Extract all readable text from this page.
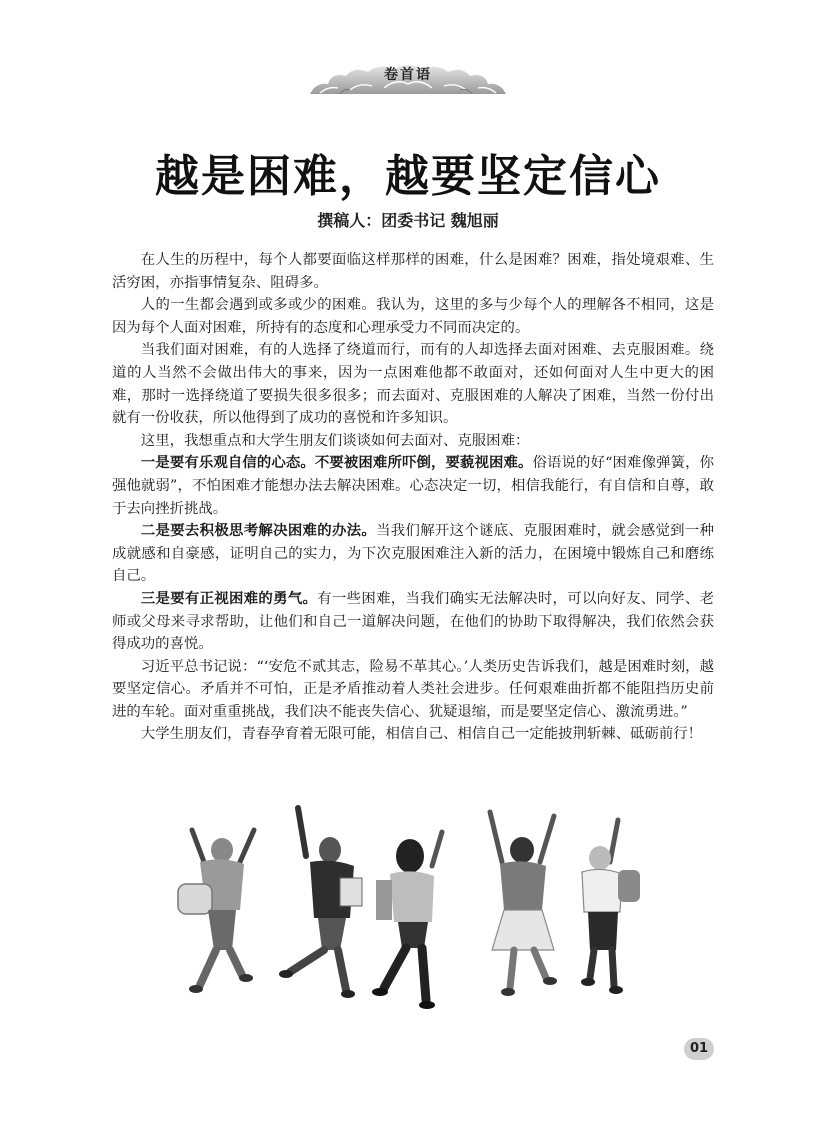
卷首语
越是困难，越要坚定信心
撰稿人：团委书记 魏旭丽

在人生的历程中，每个人都要面临这样那样的困难，什么是困难？困难，指处境艰难、生活穷困，亦指事情复杂、阻碍多。

人的一生都会遇到或多或少的困难。我认为，这里的多与少每个人的理解各不相同，这是因为每个人面对困难，所持有的态度和心理承受力不同而决定的。

当我们面对困难，有的人选择了绕道而行，而有的人却选择去面对困难、去克服困难。绕道的人当然不会做出伟大的事来，因为一点困难他都不敢面对，还如何面对人生中更大的困难，那时一选择绕道了要损失很多很多；而去面对、克服困难的人解决了困难，当然一份付出就有一份收获，所以他得到了成功的喜悦和许多知识。

这里，我想重点和大学生朋友们谈谈如何去面对、克服困难：

一是要有乐观自信的心态。不要被困难所吓倒，要藐视困难。俗语说的好“困难像弹簧，你强他就弱”，不怕困难才能想办法去解决困难。心态决定一切，相信我能行，有自信和自尊，敢于去向挫折挑战。

二是要去积极思考解决困难的办法。当我们解开这个谜底、克服困难时，就会感觉到一种成就感和自豪感，证明自己的实力，为下次克服困难注入新的活力，在困境中锻炼自己和磨练自己。

三是要有正视困难的勇气。有一些困难，当我们确实无法解决时，可以向好友、同学、老师或父母来寻求帮助，让他们和自己一道解决问题，在他们的协助下取得解决，我们依然会获得成功的喜悦。

习近平总书记说：“‘安危不贰其志，险易不革其心。’人类历史告诉我们，越是困难时刻，越要坚定信心。矛盾并不可怕，正是矛盾推动着人类社会进步。任何艰难曲折都不能阻挡历史前进的车轮。面对重重挑战，我们决不能丧失信心、犹疑退缩，而是要坚定信心、激流勇进。”

大学生朋友们，青春孕育着无限可能，相信自己、相信自己一定能披荆斩棘、砥砺前行！

01
